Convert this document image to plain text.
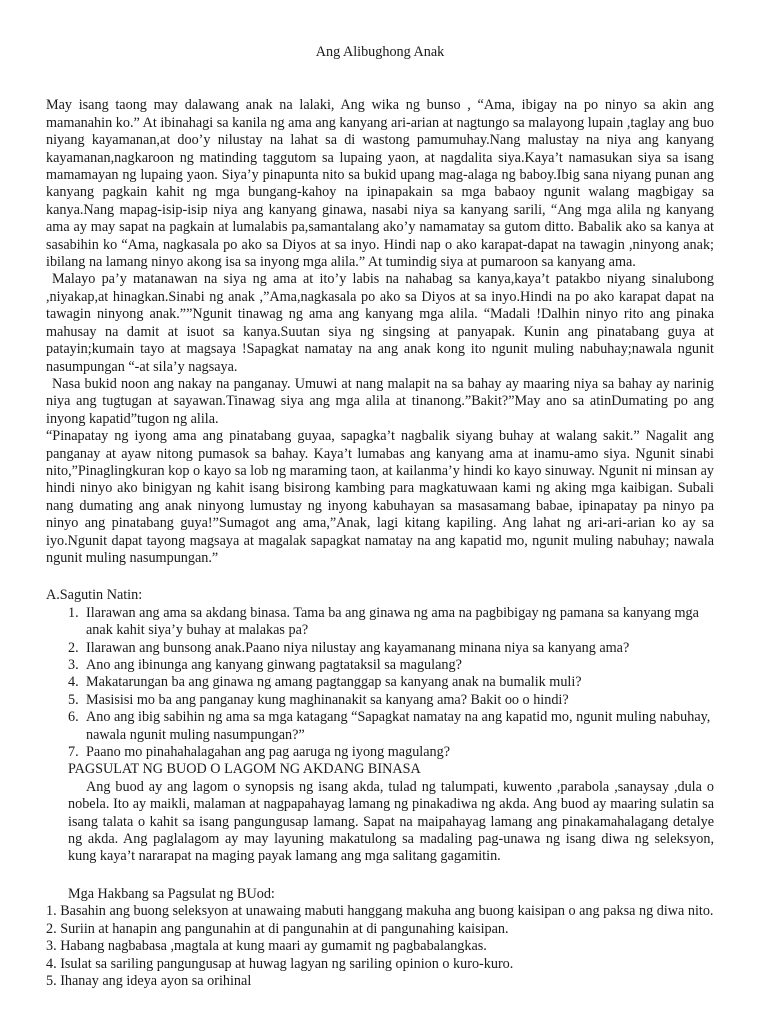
Ang Alibughong Anak

May isang taong may dalawang anak na lalaki, Ang wika ng bunso , “Ama, ibigay na po ninyo sa akin ang mamanahin ko.” At ibinahagi sa kanila ng ama ang kanyang ari-arian at nagtungo sa malayong lupain ,taglay ang buo niyang kayamanan,at doo’y nilustay na lahat sa di wastong pamumuhay.Nang malustay na niya ang kanyang kayamanan,nagkaroon ng matinding taggutom sa lupaing yaon, at nagdalita siya.Kaya’t namasukan siya sa isang mamamayan ng lupaing yaon. Siya’y pinapunta nito sa bukid upang mag-alaga ng baboy.Ibig sana niyang punan ang kanyang pagkain kahit ng mga bungang-kahoy na ipinapakain sa mga babaoy ngunit walang magbigay sa kanya.Nang mapag-isip-isip niya ang kanyang ginawa, nasabi niya sa kanyang sarili, “Ang mga alila ng kanyang ama ay may sapat na pagkain at lumalabis pa,samantalang ako’y namamatay sa gutom ditto. Babalik ako sa kanya at sasabihin ko “Ama, nagkasala po ako sa Diyos at sa inyo. Hindi nap o ako karapat-dapat na tawagin ,ninyong anak; ibilang na lamang ninyo akong isa sa inyong mga alila.” At tumindig siya at pumaroon sa kanyang ama.

Malayo pa’y matanawan na siya ng ama at ito’y labis na nahabag sa kanya,kaya’t patakbo niyang sinalubong ,niyakap,at hinagkan.Sinabi ng anak ,”Ama,nagkasala po ako sa Diyos at sa inyo.Hindi na po ako karapat dapat na tawagin ninyong anak.””Ngunit tinawag ng ama ang kanyang mga alila. “Madali !Dalhin ninyo rito ang pinaka mahusay na damit at isuot sa kanya.Suutan siya ng singsing at panyapak. Kunin ang pinatabang guya at patayin;kumain tayo at magsaya !Sapagkat namatay na ang anak kong ito ngunit muling nabuhay;nawala ngunit nasumpungan “-at sila’y nagsaya.

Nasa bukid noon ang nakay na panganay. Umuwi at nang malapit na sa bahay ay maaring niya sa bahay ay narinig niya ang tugtugan at sayawan.Tinawag siya ang mga alila at tinanong.”Bakit?”May ano sa atinDumating po ang inyong kapatid”tugon ng alila.

“Pinapatay ng iyong ama ang pinatabang guyaa, sapagka’t nagbalik siyang buhay at walang sakit.” Nagalit ang panganay at ayaw nitong pumasok sa bahay. Kaya’t lumabas ang kanyang ama at inamu-amo siya. Ngunit sinabi nito,”Pinaglingkuran kop o kayo sa lob ng maraming taon, at kailanma’y hindi ko kayo sinuway. Ngunit ni minsan ay hindi ninyo ako binigyan ng kahit isang bisirong kambing para magkatuwaan kami ng aking mga kaibigan. Subali nang dumating ang anak ninyong lumustay ng inyong kabuhayan sa masasamang babae, ipinapatay pa ninyo pa ninyo ang pinatabang guya!”Sumagot ang ama,”Anak, lagi kitang kapiling. Ang lahat ng ari-ari-arian ko ay sa iyo.Ngunit dapat tayong magsaya at magalak sapagkat namatay na ang kapatid mo, ngunit muling nabuhay; nawala ngunit muling nasumpungan.”

A.Sagutin Natin:
1. Ilarawan ang ama sa akdang binasa. Tama ba ang ginawa ng ama na pagbibigay ng pamana sa kanyang mga anak kahit siya’y buhay at malakas pa?
2. Ilarawan ang bunsong anak.Paano niya nilustay ang kayamanang minana niya sa kanyang ama?
3. Ano ang ibinunga ang kanyang ginwang pagtataksil sa magulang?
4. Makatarungan ba ang ginawa ng amang pagtanggap sa kanyang anak na bumalik muli?
5. Masisisi mo ba ang panganay kung maghinanakit sa kanyang ama? Bakit oo o hindi?
6. Ano ang ibig sabihin ng ama sa mga katagang “Sapagkat namatay na ang kapatid mo, ngunit muling nabuhay, nawala ngunit muling nasumpungan?”
7. Paano mo pinahahalagahan ang pag aaruga ng iyong magulang?
PAGSULAT NG BUOD O LAGOM NG AKDANG BINASA

Ang buod ay ang lagom o synopsis ng isang akda, tulad ng talumpati, kuwento ,parabola ,sanaysay ,dula o nobela. Ito ay maikli, malaman at nagpapahayag lamang ng pinakadiwa ng akda. Ang buod ay maaring sulatin sa isang talata o kahit sa isang pangungusap lamang. Sapat na maipahayag lamang ang pinakamahalagang detalye ng akda. Ang paglalagom ay may layuning makatulong sa madaling pag-unawa ng isang diwa ng seleksyon, kung kaya’t nararapat na maging payak lamang ang mga salitang gagamitin.

Mga Hakbang sa Pagsulat ng BUod:
1. Basahin ang buong seleksyon at unawaing mabuti hanggang makuha ang buong kaisipan o ang paksa ng diwa nito.
2. Suriin at hanapin ang pangunahin at di pangunahin at di pangunahing kaisipan.
3. Habang nagbabasa ,magtala at kung maari ay gumamit ng pagbabalangkas.
4. Isulat sa sariling pangungusap at huwag lagyan ng sariling opinion o kuro-kuro.
5. Ihanay ang ideya ayon sa orihinal
